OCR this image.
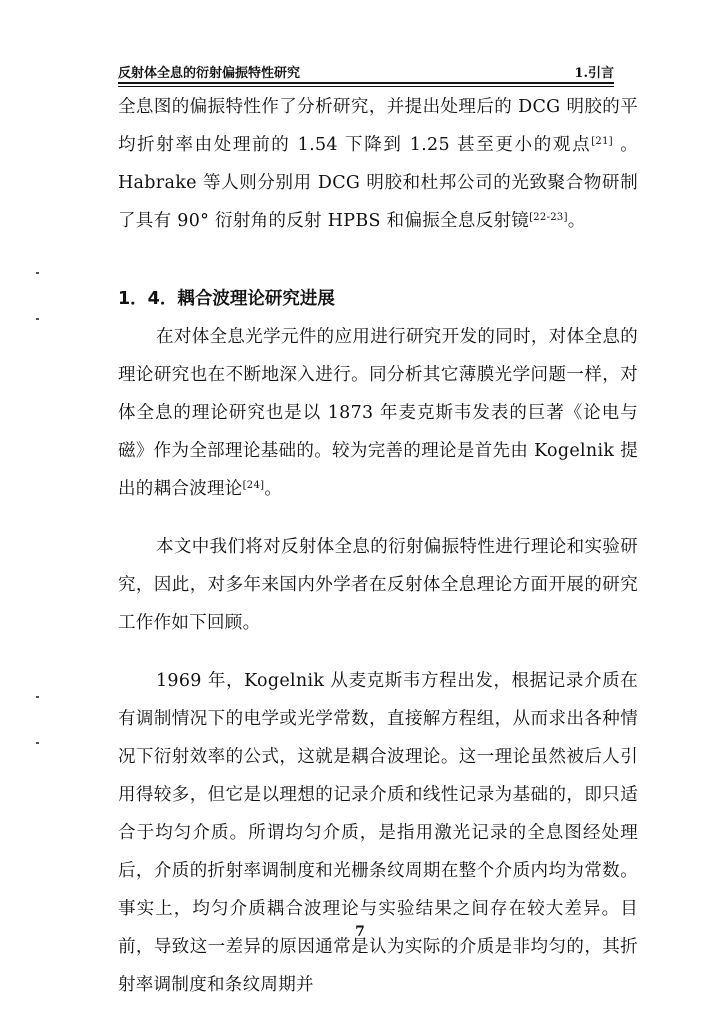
反射体全息的衍射偏振特性研究	1.引言

全息图的偏振特性作了分析研究，并提出处理后的 DCG 明胶的平均折射率由处理前的 1.54 下降到 1.25 甚至更小的观点[21] 。Habrake 等人则分别用 DCG 明胶和杜邦公司的光致聚合物研制了具有 90° 衍射角的反射 HPBS 和偏振全息反射镜[22-23]。

1．4．耦合波理论研究进展

在对体全息光学元件的应用进行研究开发的同时，对体全息的理论研究也在不断地深入进行。同分析其它薄膜光学问题一样，对体全息的理论研究也是以 1873 年麦克斯韦发表的巨著《论电与磁》作为全部理论基础的。较为完善的理论是首先由 Kogelnik 提出的耦合波理论[24]。

本文中我们将对反射体全息的衍射偏振特性进行理论和实验研究，因此，对多年来国内外学者在反射体全息理论方面开展的研究工作作如下回顾。

1969 年，Kogelnik 从麦克斯韦方程出发，根据记录介质在有调制情况下的电学或光学常数，直接解方程组，从而求出各种情况下衍射效率的公式，这就是耦合波理论。这一理论虽然被后人引用得较多，但它是以理想的记录介质和线性记录为基础的，即只适合于均匀介质。所谓均匀介质，是指用激光记录的全息图经处理后，介质的折射率调制度和光栅条纹周期在整个介质内均为常数。事实上，均匀介质耦合波理论与实验结果之间存在较大差异。目前，导致这一差异的原因通常是认为实际的介质是非均匀的，其折射率调制度和条纹周期并

7
